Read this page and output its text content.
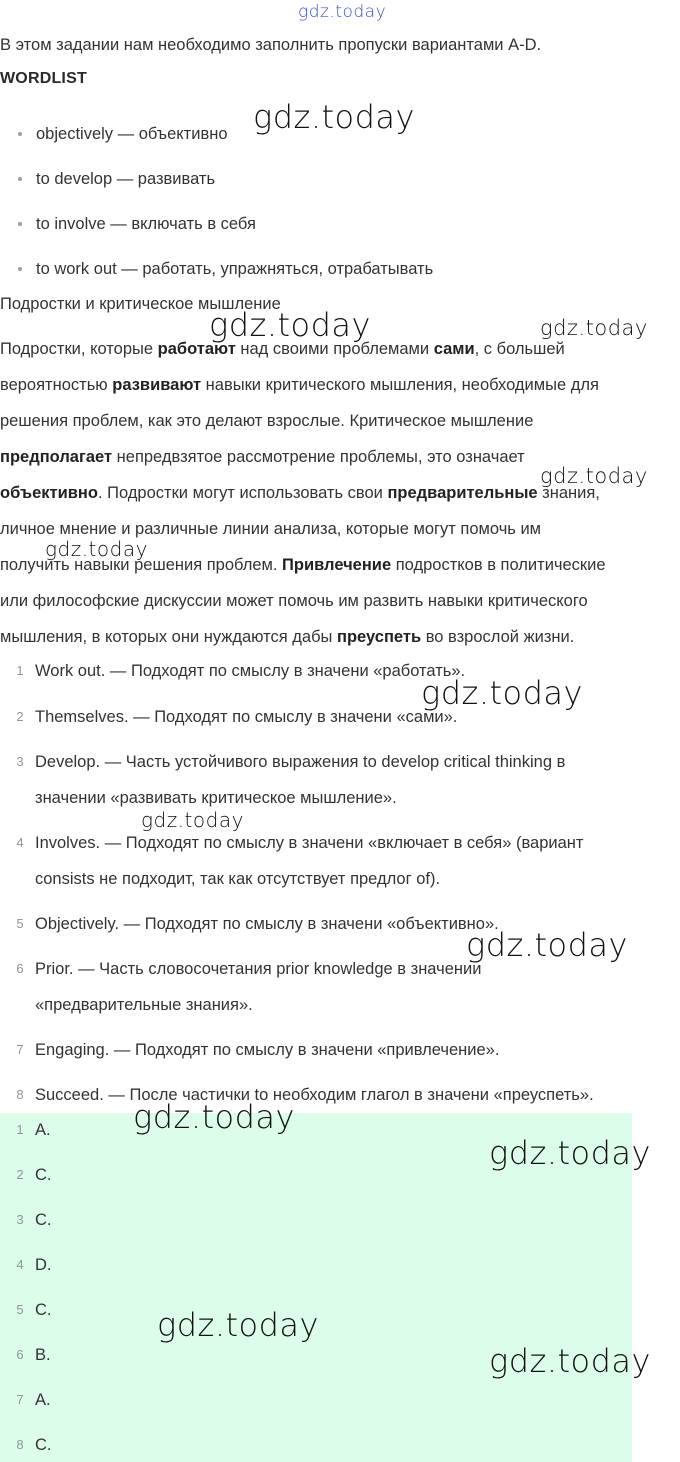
gdz.today
В этом задании нам необходимо заполнить пропуски вариантами A-D.
WORDLIST
objectively — объективно
to develop — развивать
to involve — включать в себя
to work out — работать, упражняться, отрабатывать
Подростки и критическое мышление
Подростки, которые работают над своими проблемами сами, с большей
вероятностью развивают навыки критического мышления, необходимые для
решения проблем, как это делают взрослые. Критическое мышление
предполагает непредвзятое рассмотрение проблемы, это означает
объективно. Подростки могут использовать свои предварительные знания,
личное мнение и различные линии анализа, которые могут помочь им
получить навыки решения проблем. Привлечение подростков в политические
или философские дискуссии может помочь им развить навыки критического
мышления, в которых они нуждаются дабы преуспеть во взрослой жизни.
1 Work out. — Подходят по смыслу в значени «работать».
2 Themselves. — Подходят по смыслу в значени «сами».
3 Develop. — Часть устойчивого выражения to develop critical thinking в
значении «развивать критическое мышление».
4 Involves. — Подходят по смыслу в значени «включает в себя» (вариант
consists не подходит, так как отсутствует предлог of).
5 Objectively. — Подходят по смыслу в значени «объективно».
6 Prior. — Часть словосочетания prior knowledge в значении
«предварительные знания».
7 Engaging. — Подходят по смыслу в значени «привлечение».
8 Succeed. — После частички to необходим глагол в значени «преуспеть».
1 A.
2 C.
3 C.
4 D.
5 C.
6 B.
7 A.
8 C.
gdz.today
gdz.today	gdz.today
gdz.today
gdz.today
gdz.today
gdz.today
gdz.today
gdz.today
gdz.today
gdz.today
gdz.today
